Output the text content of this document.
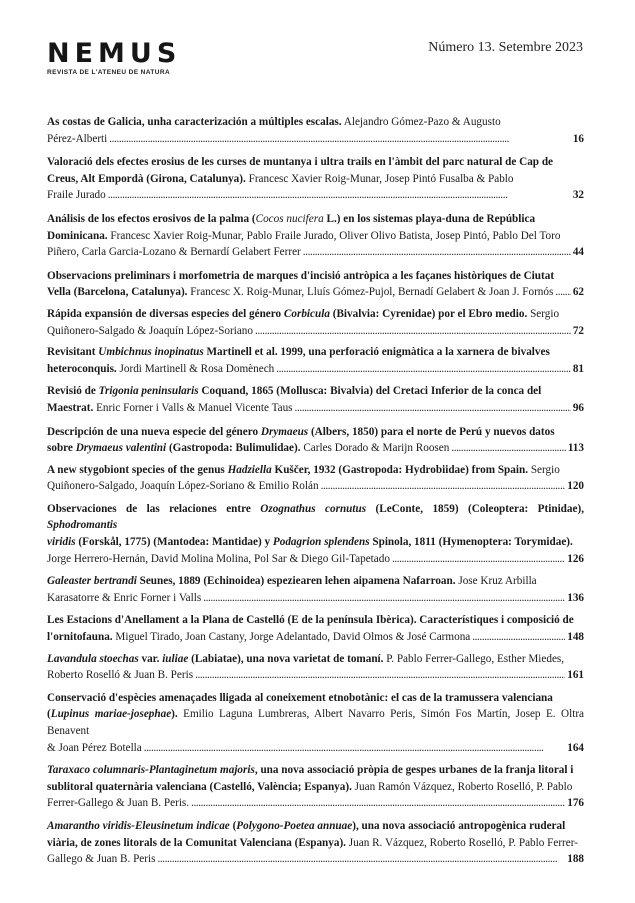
NEMUS
REVISTA DE L'ATENEU DE NATURA
Número 13. Setembre 2023
As costas de Galicia, unha caracterización a múltiples escalas. Alejandro Gómez-Pazo & Augusto
Pérez-Alberti . . .	16
Valoració dels efectes erosius de les curses de muntanya i ultra trails en l'àmbit del parc natural de Cap de
Creus, Alt Empordà (Girona, Catalunya). Francesc Xavier Roig-Munar, Josep Pintó Fusalba & Pablo
Fraile Jurado . . .	32
Análisis de los efectos erosivos de la palma (Cocos nucifera L.) en los sistemas playa-duna de República
Dominicana. Francesc Xavier Roig-Munar, Pablo Fraile Jurado, Oliver Olivo Batista, Josep Pintó, Pablo Del Toro
Piñero, Carla Garcia-Lozano & Bernardí Gelabert Ferrer . . .	44
Observacions preliminars i morfometria de marques d'incisió antròpica a les façanes històriques de Ciutat
Vella (Barcelona, Catalunya). Francesc X. Roig-Munar, Lluís Gómez-Pujol, Bernadí Gelabert & Joan J. Fornós . . . 62
Rápida expansión de diversas especies del género Corbicula (Bivalvia: Cyrenidae) por el Ebro medio. Sergio
Quiñonero-Salgado & Joaquín López-Soriano . . .	72
Revisitant Umbichnus inopinatus Martinell et al. 1999, una perforació enigmàtica a la xarnera de bivalves
heteroconquis. Jordi Martinell & Rosa Domènech . . .	81
Revisió de Trigonia peninsularis Coquand, 1865 (Mollusca: Bivalvia) del Cretaci Inferior de la conca del
Maestrat. Enric Forner i Valls & Manuel Vicente Taus . . .	96
Descripción de una nueva especie del género Drymaeus (Albers, 1850) para el norte de Perú y nuevos datos
sobre Drymaeus valentini (Gastropoda: Bulimulidae). Carles Dorado & Marijn Roosen . . .	113
A new stygobiont species of the genus Hadziella Kuščer, 1932 (Gastropoda: Hydrobiidae) from Spain. Sergio
Quiñonero-Salgado, Joaquín López-Soriano & Emilio Rolán . . .	120
Observaciones de las relaciones entre Ozognathus cornutus (LeConte, 1859) (Coleoptera: Ptinidae), Sphodromantis
viridis (Forskål, 1775) (Mantodea: Mantidae) y Podagrion splendens Spinola, 1811 (Hymenoptera: Torymidae).
Jorge Herrero-Hernán, David Molina Molina, Pol Sar & Diego Gil-Tapetado . . .	126
Galeaster bertrandi Seunes, 1889 (Echinoidea) espeziearen lehen aipamena Nafarroan. Jose Kruz Arbilla
Karasatorre & Enric Forner i Valls . . .	136
Les Estacions d'Anellament a la Plana de Castelló (E de la península Ibèrica). Característiques i composició de
l'ornitofauna. Miguel Tirado, Joan Castany, Jorge Adelantado, David Olmos & José Carmona . . .	148
Lavandula stoechas var. iuliae (Labiatae), una nova varietat de tomaní. P. Pablo Ferrer-Gallego, Esther Miedes,
Roberto Roselló & Juan B. Peris . . .	161
Conservació d'espècies amenaçades lligada al coneixement etnobotànic: el cas de la tramussera valenciana
(Lupinus mariae-josephae). Emilio Laguna Lumbreras, Albert Navarro Peris, Simón Fos Martín, Josep E. Oltra Benavent
& Joan Pérez Botella . . .	164
Taraxaco columnaris-Plantaginetum majoris, una nova associació pròpia de gespes urbanes de la franja litoral i
sublitoral quaternària valenciana (Castelló, València; Espanya). Juan Ramón Vázquez, Roberto Roselló, P. Pablo
Ferrer-Gallego & Juan B. Peris. . . .	176
Amarantho viridis-Eleusinetum indicae (Polygono-Poetea annuae), una nova associació antropogènica ruderal
viària, de zones litorals de la Comunitat Valenciana (Espanya). Juan R. Vázquez, Roberto Roselló, P. Pablo Ferrer-
Gallego & Juan B. Peris . . .	188
